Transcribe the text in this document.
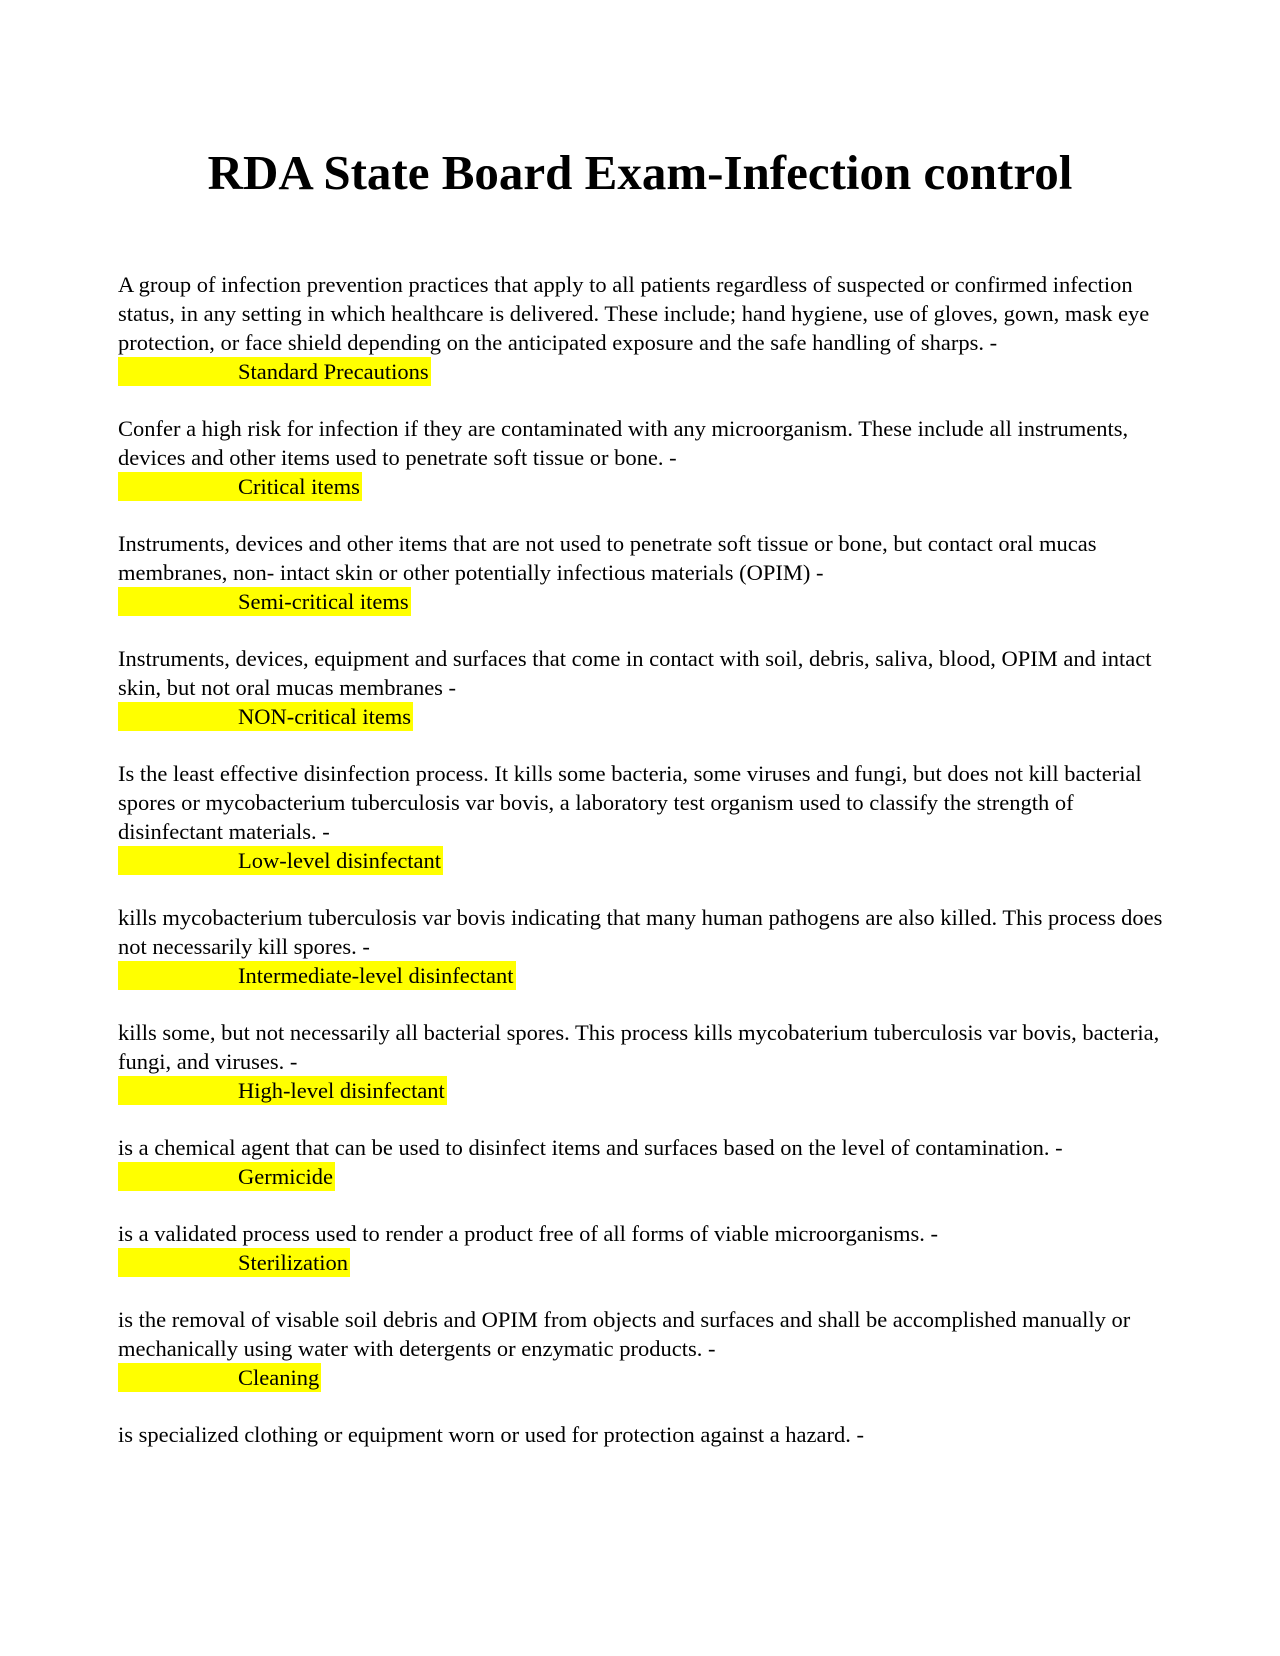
RDA State Board Exam-Infection control

A group of infection prevention practices that apply to all patients regardless of suspected or confirmed infection status, in any setting in which healthcare is delivered. These include; hand hygiene, use of gloves, gown, mask eye protection, or face shield depending on the anticipated exposure and the safe handling of sharps. -

Standard Precautions

Confer a high risk for infection if they are contaminated with any microorganism. These include all instruments, devices and other items used to penetrate soft tissue or bone. -

Critical items

Instruments, devices and other items that are not used to penetrate soft tissue or bone, but contact oral mucas membranes, non- intact skin or other potentially infectious materials (OPIM) -

Semi-critical items

Instruments, devices, equipment and surfaces that come in contact with soil, debris, saliva, blood, OPIM and intact skin, but not oral mucas membranes -

NON-critical items

Is the least effective disinfection process. It kills some bacteria, some viruses and fungi, but does not kill bacterial spores or mycobacterium tuberculosis var bovis, a laboratory test organism used to classify the strength of disinfectant materials. -

Low-level disinfectant

kills mycobacterium tuberculosis var bovis indicating that many human pathogens are also killed. This process does not necessarily kill spores. -

Intermediate-level disinfectant

kills some, but not necessarily all bacterial spores. This process kills mycobaterium tuberculosis var bovis, bacteria, fungi, and viruses. -

High-level disinfectant

is a chemical agent that can be used to disinfect items and surfaces based on the level of contamination. -

Germicide

is a validated process used to render a product free of all forms of viable microorganisms. -

Sterilization

is the removal of visable soil debris and OPIM from objects and surfaces and shall be accomplished manually or mechanically using water with detergents or enzymatic products. -

Cleaning

is specialized clothing or equipment worn or used for protection against a hazard. -
